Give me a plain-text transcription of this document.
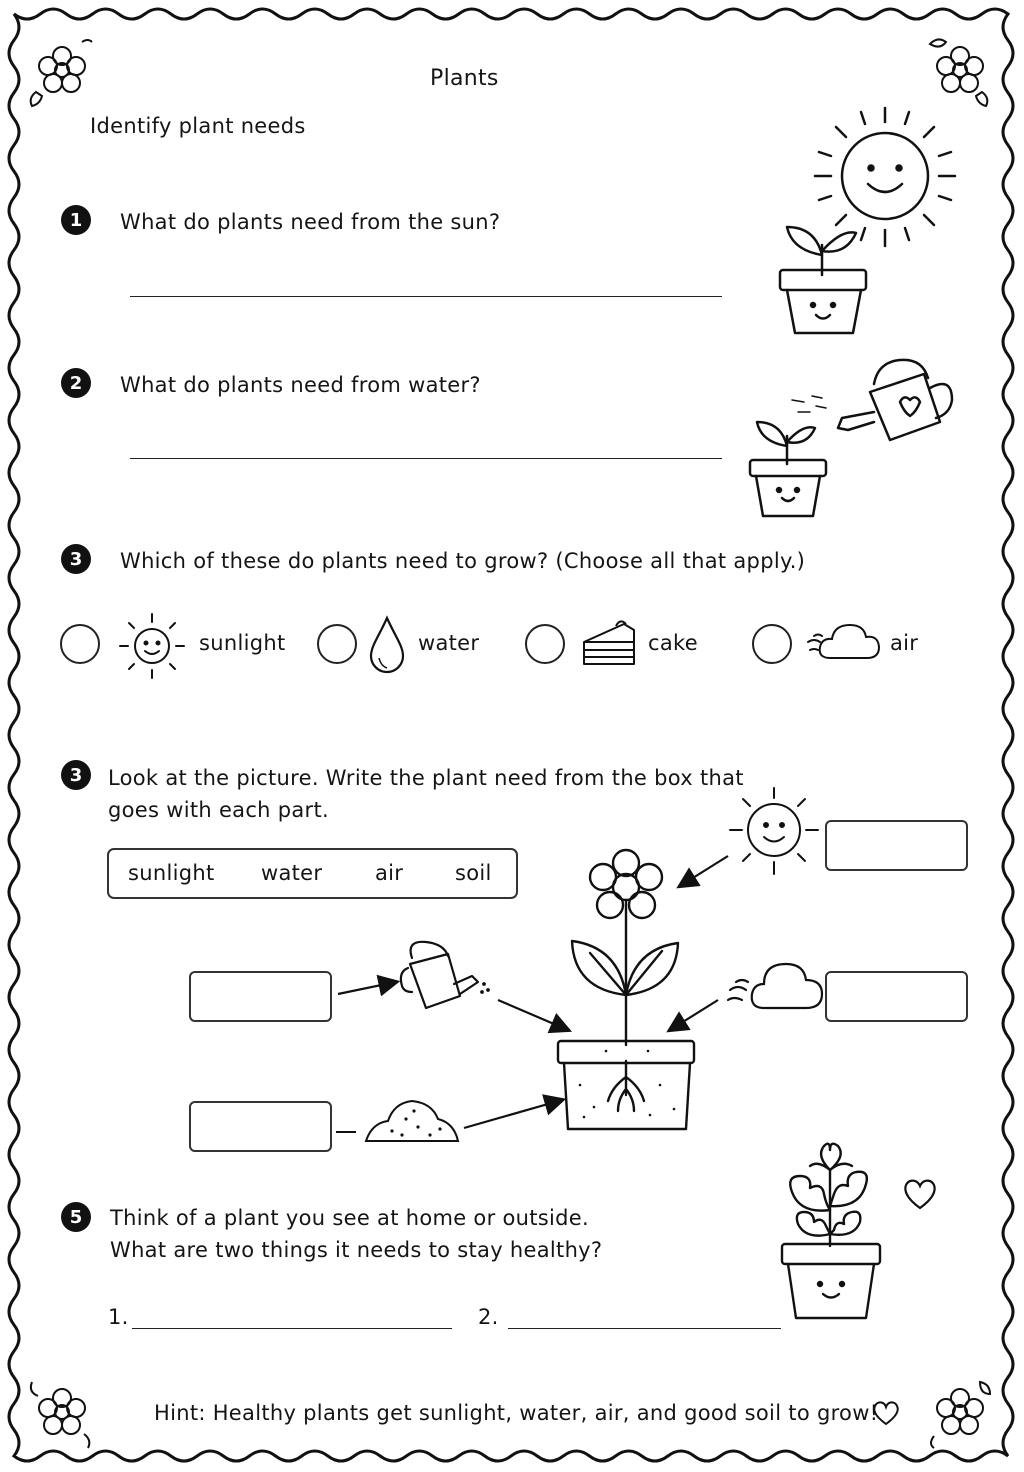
Plants
Identify plant needs
1	What do plants need from the sun?
2	What do plants need from water?
3	Which of these do plants need to grow? (Choose all that apply.)
sunlight	water	cake	air
3	Look at the picture. Write the plant need from the box that
goes with each part.
sunlight water	air soil
5	Think of a plant you see at home or outside.
What are two things it needs to stay healthy?
1.	2.
Hint: Healthy plants get sunlight, water, air, and good soil to grow!
